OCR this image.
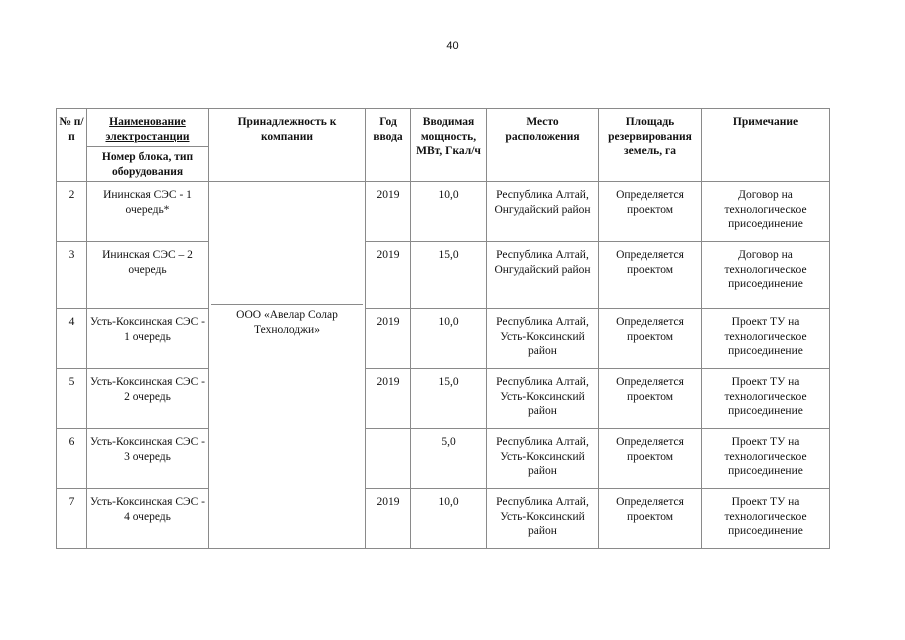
40
№ п/п	Наименование электростанции	Принадлежность к компании	Год ввода	Вводимая мощность, МВт, Гкал/ч	Место расположения	Площадь резервирования земель, га	Примечание
	Номер блока, тип оборудования						
2	Ининская СЭС - 1 очередь*	ООО «Авелар Солар Технолоджи»	2019	10,0	Республика Алтай, Онгудайский район	Определяется проектом	Договор на технологическое присоединение
3	Ининская СЭС – 2 очередь		2019	15,0	Республика Алтай, Онгудайский район	Определяется проектом	Договор на технологическое присоединение
4	Усть-Коксинская СЭС - 1 очередь		2019	10,0	Республика Алтай, Усть-Коксинский район	Определяется проектом	Проект ТУ на технологическое присоединение
5	Усть-Коксинская СЭС - 2 очередь		2019	15,0	Республика Алтай, Усть-Коксинский район	Определяется проектом	Проект ТУ на технологическое присоединение
6	Усть-Коксинская СЭС - 3 очередь			5,0	Республика Алтай, Усть-Коксинский район	Определяется проектом	Проект ТУ на технологическое присоединение
7	Усть-Коксинская СЭС - 4 очередь		2019	10,0	Республика Алтай, Усть-Коксинский район	Определяется проектом	Проект ТУ на технологическое присоединение
